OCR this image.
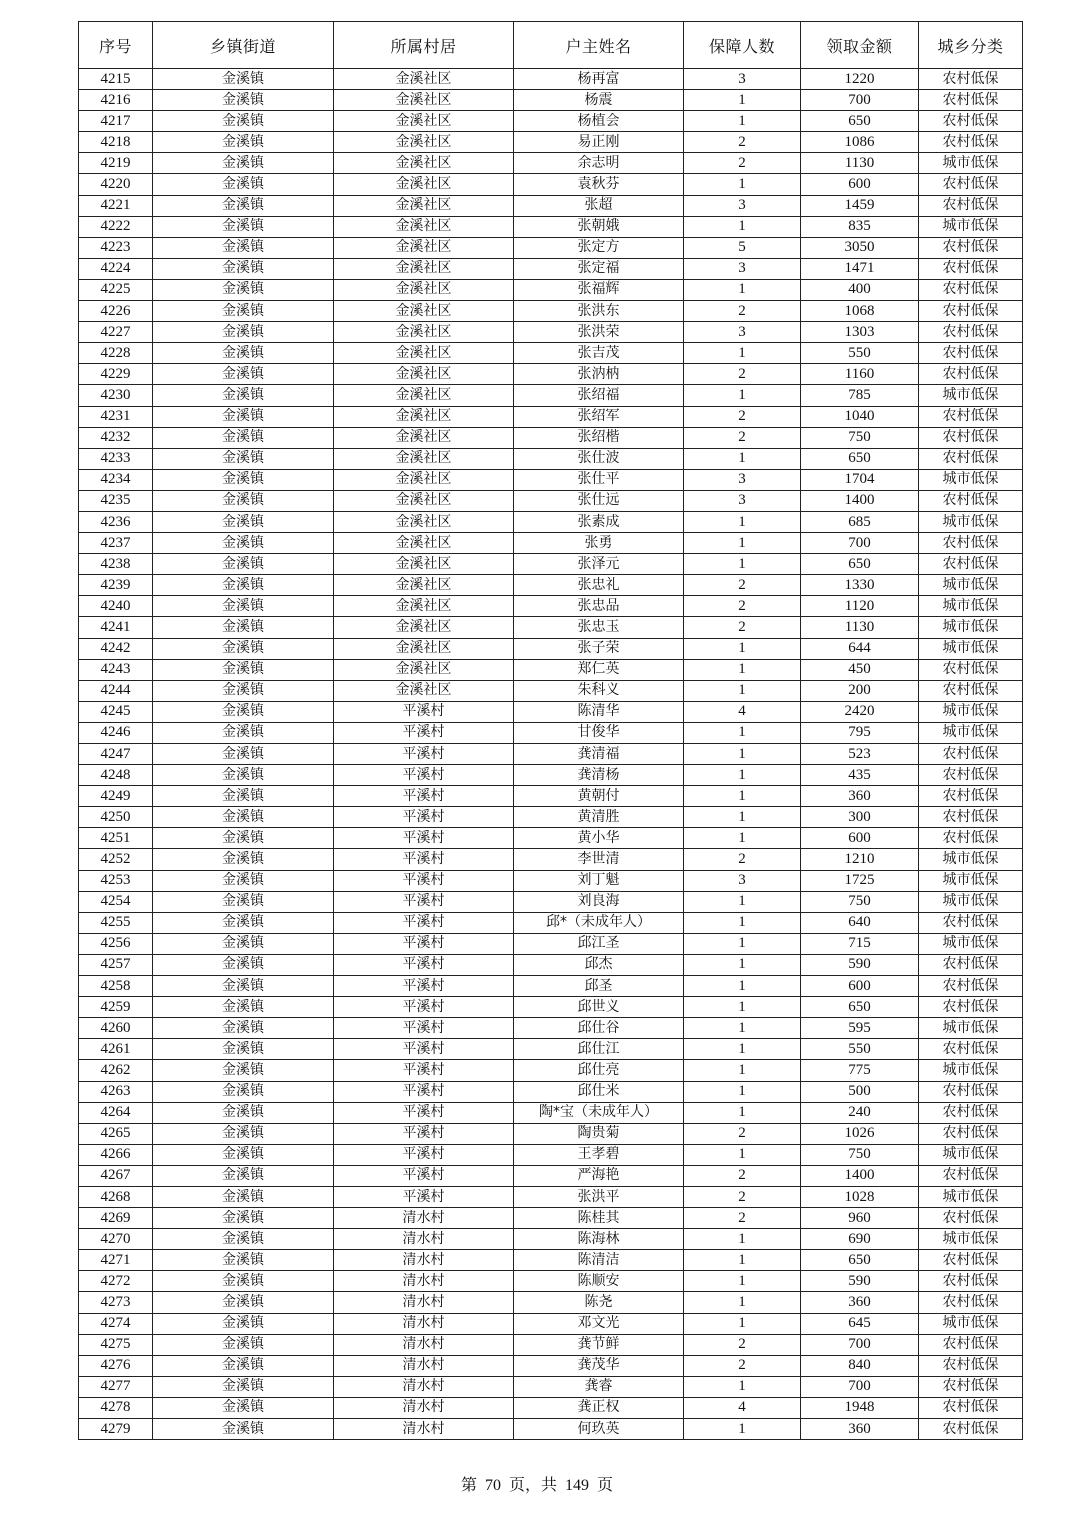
序号	乡镇街道	所属村居	户主姓名	保障人数	领取金额	城乡分类
4215	金溪镇	金溪社区	杨再富	3	1220	农村低保
4216	金溪镇	金溪社区	杨震	1	700	农村低保
4217	金溪镇	金溪社区	杨植会	1	650	农村低保
4218	金溪镇	金溪社区	易正刚	2	1086	农村低保
4219	金溪镇	金溪社区	余志明	2	1130	城市低保
4220	金溪镇	金溪社区	袁秋芬	1	600	农村低保
4221	金溪镇	金溪社区	张超	3	1459	农村低保
4222	金溪镇	金溪社区	张朝娥	1	835	城市低保
4223	金溪镇	金溪社区	张定方	5	3050	农村低保
4224	金溪镇	金溪社区	张定福	3	1471	农村低保
4225	金溪镇	金溪社区	张福辉	1	400	农村低保
4226	金溪镇	金溪社区	张洪东	2	1068	农村低保
4227	金溪镇	金溪社区	张洪荣	3	1303	农村低保
4228	金溪镇	金溪社区	张吉茂	1	550	农村低保
4229	金溪镇	金溪社区	张汭枘	2	1160	农村低保
4230	金溪镇	金溪社区	张绍福	1	785	城市低保
4231	金溪镇	金溪社区	张绍军	2	1040	农村低保
4232	金溪镇	金溪社区	张绍楷	2	750	农村低保
4233	金溪镇	金溪社区	张仕波	1	650	农村低保
4234	金溪镇	金溪社区	张仕平	3	1704	城市低保
4235	金溪镇	金溪社区	张仕远	3	1400	农村低保
4236	金溪镇	金溪社区	张素成	1	685	城市低保
4237	金溪镇	金溪社区	张勇	1	700	农村低保
4238	金溪镇	金溪社区	张泽元	1	650	农村低保
4239	金溪镇	金溪社区	张忠礼	2	1330	城市低保
4240	金溪镇	金溪社区	张忠品	2	1120	城市低保
4241	金溪镇	金溪社区	张忠玉	2	1130	城市低保
4242	金溪镇	金溪社区	张子荣	1	644	城市低保
4243	金溪镇	金溪社区	郑仁英	1	450	农村低保
4244	金溪镇	金溪社区	朱科义	1	200	农村低保
4245	金溪镇	平溪村	陈清华	4	2420	城市低保
4246	金溪镇	平溪村	甘俊华	1	795	城市低保
4247	金溪镇	平溪村	龚清福	1	523	农村低保
4248	金溪镇	平溪村	龚清杨	1	435	农村低保
4249	金溪镇	平溪村	黄朝付	1	360	农村低保
4250	金溪镇	平溪村	黄清胜	1	300	农村低保
4251	金溪镇	平溪村	黄小华	1	600	农村低保
4252	金溪镇	平溪村	李世清	2	1210	城市低保
4253	金溪镇	平溪村	刘丁魁	3	1725	城市低保
4254	金溪镇	平溪村	刘良海	1	750	城市低保
4255	金溪镇	平溪村	邱*（未成年人）	1	640	农村低保
4256	金溪镇	平溪村	邱江圣	1	715	城市低保
4257	金溪镇	平溪村	邱杰	1	590	农村低保
4258	金溪镇	平溪村	邱圣	1	600	农村低保
4259	金溪镇	平溪村	邱世义	1	650	农村低保
4260	金溪镇	平溪村	邱仕谷	1	595	城市低保
4261	金溪镇	平溪村	邱仕江	1	550	农村低保
4262	金溪镇	平溪村	邱仕亮	1	775	城市低保
4263	金溪镇	平溪村	邱仕米	1	500	农村低保
4264	金溪镇	平溪村	陶*宝（未成年人）	1	240	农村低保
4265	金溪镇	平溪村	陶贵菊	2	1026	农村低保
4266	金溪镇	平溪村	王孝碧	1	750	城市低保
4267	金溪镇	平溪村	严海艳	2	1400	农村低保
4268	金溪镇	平溪村	张洪平	2	1028	城市低保
4269	金溪镇	清水村	陈桂其	2	960	农村低保
4270	金溪镇	清水村	陈海林	1	690	城市低保
4271	金溪镇	清水村	陈清洁	1	650	农村低保
4272	金溪镇	清水村	陈顺安	1	590	农村低保
4273	金溪镇	清水村	陈尧	1	360	农村低保
4274	金溪镇	清水村	邓文光	1	645	城市低保
4275	金溪镇	清水村	龚节鲜	2	700	农村低保
4276	金溪镇	清水村	龚茂华	2	840	农村低保
4277	金溪镇	清水村	龚睿	1	700	农村低保
4278	金溪镇	清水村	龚正权	4	1948	农村低保
4279	金溪镇	清水村	何玖英	1	360	农村低保
第 70 页，共 149 页
